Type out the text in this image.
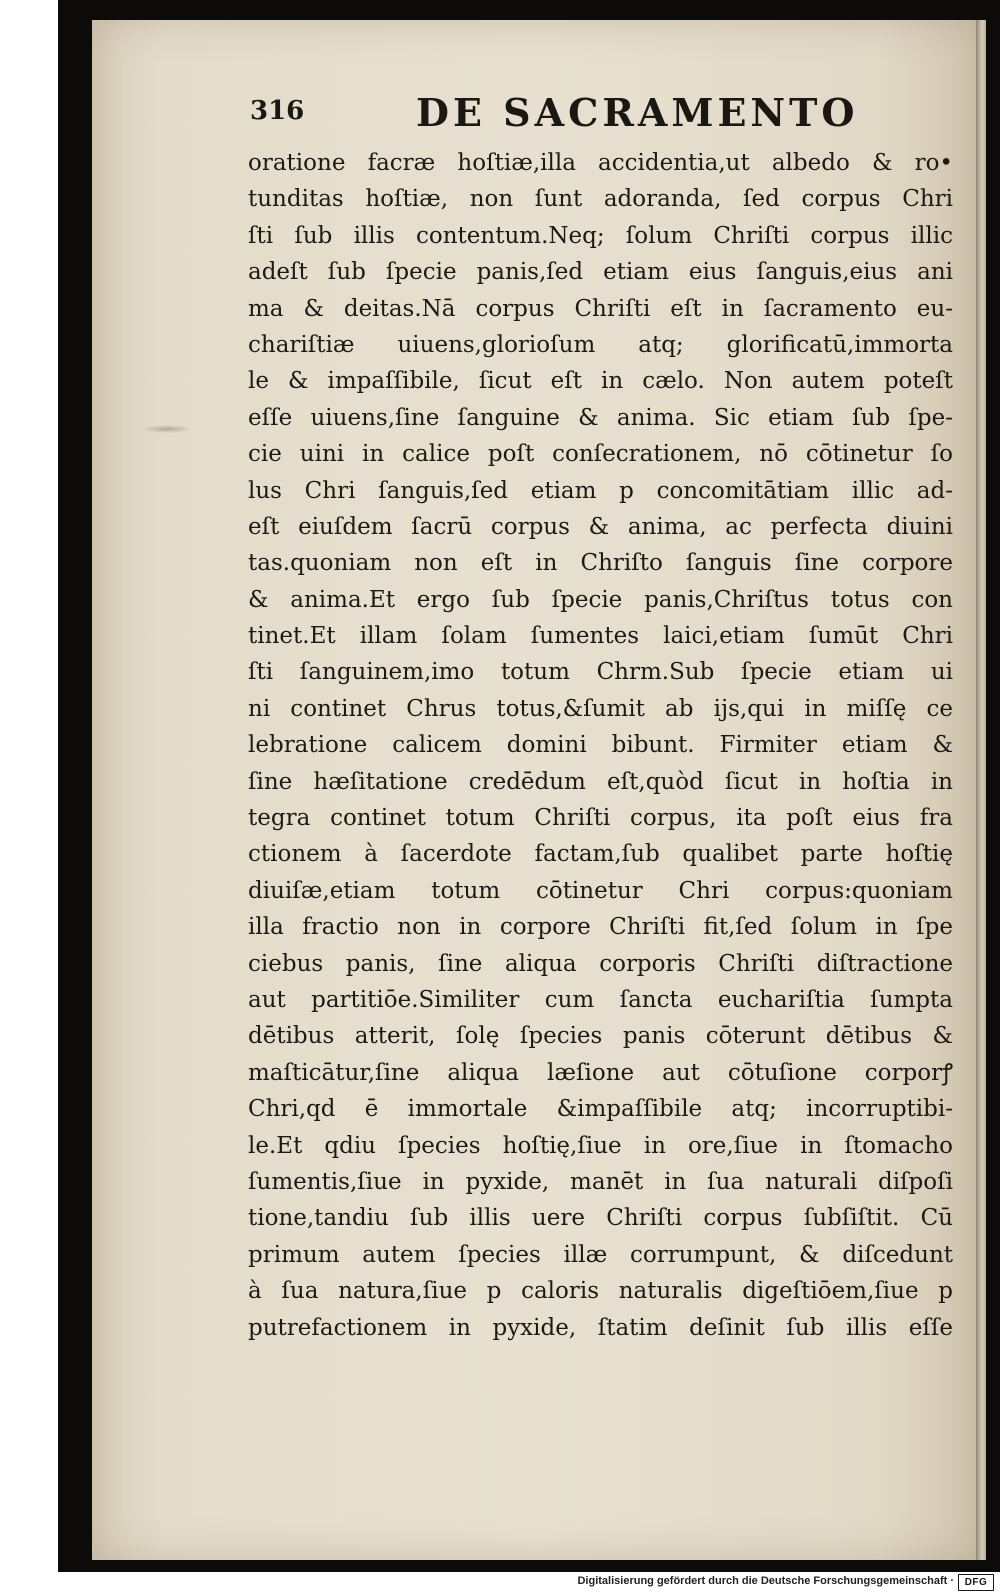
316	DE SACRAMENTO
oratione facræ hoſtiæ,illa accidentia,ut albedo & ro•
tunditas hoſtiæ, non ſunt adoranda, ſed corpus Chri
ſti ſub illis contentum.Neq; ſolum Chriſti corpus illic
adeſt ſub ſpecie panis,ſed etiam eius ſanguis,eius ani
ma & deitas.Nā corpus Chriſti eſt in ſacramento eu-
chariſtiæ uiuens,glorioſum atq; glorificatū,immorta
le & impaſſibile, ſicut eſt in cælo. Non autem poteſt
eſſe uiuens,ſine ſanguine & anima. Sic etiam ſub ſpe-
cie uini in calice poſt conſecrationem, nō cōtinetur ſo
lus Chri ſanguis,ſed etiam p concomitātiam illic ad-
eſt eiuſdem ſacrū corpus & anima, ac perfecta diuini
tas.quoniam non eſt in Chriſto ſanguis ſine corpore
& anima.Et ergo ſub ſpecie panis,Chriſtus totus con
tinet.Et illam ſolam ſumentes laici,etiam ſumūt Chri
ſti ſanguinem,imo totum Chrm.Sub ſpecie etiam ui
ni continet Chrus totus,&ſumit ab ijs,qui in miſſę ce
lebratione calicem domini bibunt. Firmiter etiam &
ſine hæſitatione credēdum eſt,quòd ſicut in hoſtia in
tegra continet totum Chriſti corpus, ita poſt eius fra
ctionem à ſacerdote factam,ſub qualibet parte hoſtię
diuiſæ,etiam totum cōtinetur Chri corpus:quoniam
illa fractio non in corpore Chriſti fit,ſed ſolum in ſpe
ciebus panis, ſine aliqua corporis Chriſti diſtractione
aut partitiōe.Similiter cum ſancta euchariſtia ſumpta
dētibus atterit, ſolę ſpecies panis cōterunt dētibus &
maſticātur,ſine aliqua læſione aut cōtuſione corporꝭ
Chri,qd ē immortale &impaſſibile atq; incorruptibi-
le.Et qdiu ſpecies hoſtię,ſiue in ore,ſiue in ſtomacho
ſumentis,ſiue in pyxide, manēt in ſua naturali diſpoſi
tione,tandiu ſub illis uere Chriſti corpus ſubſiſtit. Cū
primum autem ſpecies illæ corrumpunt, & diſcedunt
à ſua natura,ſiue p caloris naturalis digeſtiōem,ſiue p
putrefactionem in pyxide, ſtatim deſinit ſub illis eſſe
Digitalisierung gefördert durch die Deutsche Forschungsgemeinschaft ·	DFG
